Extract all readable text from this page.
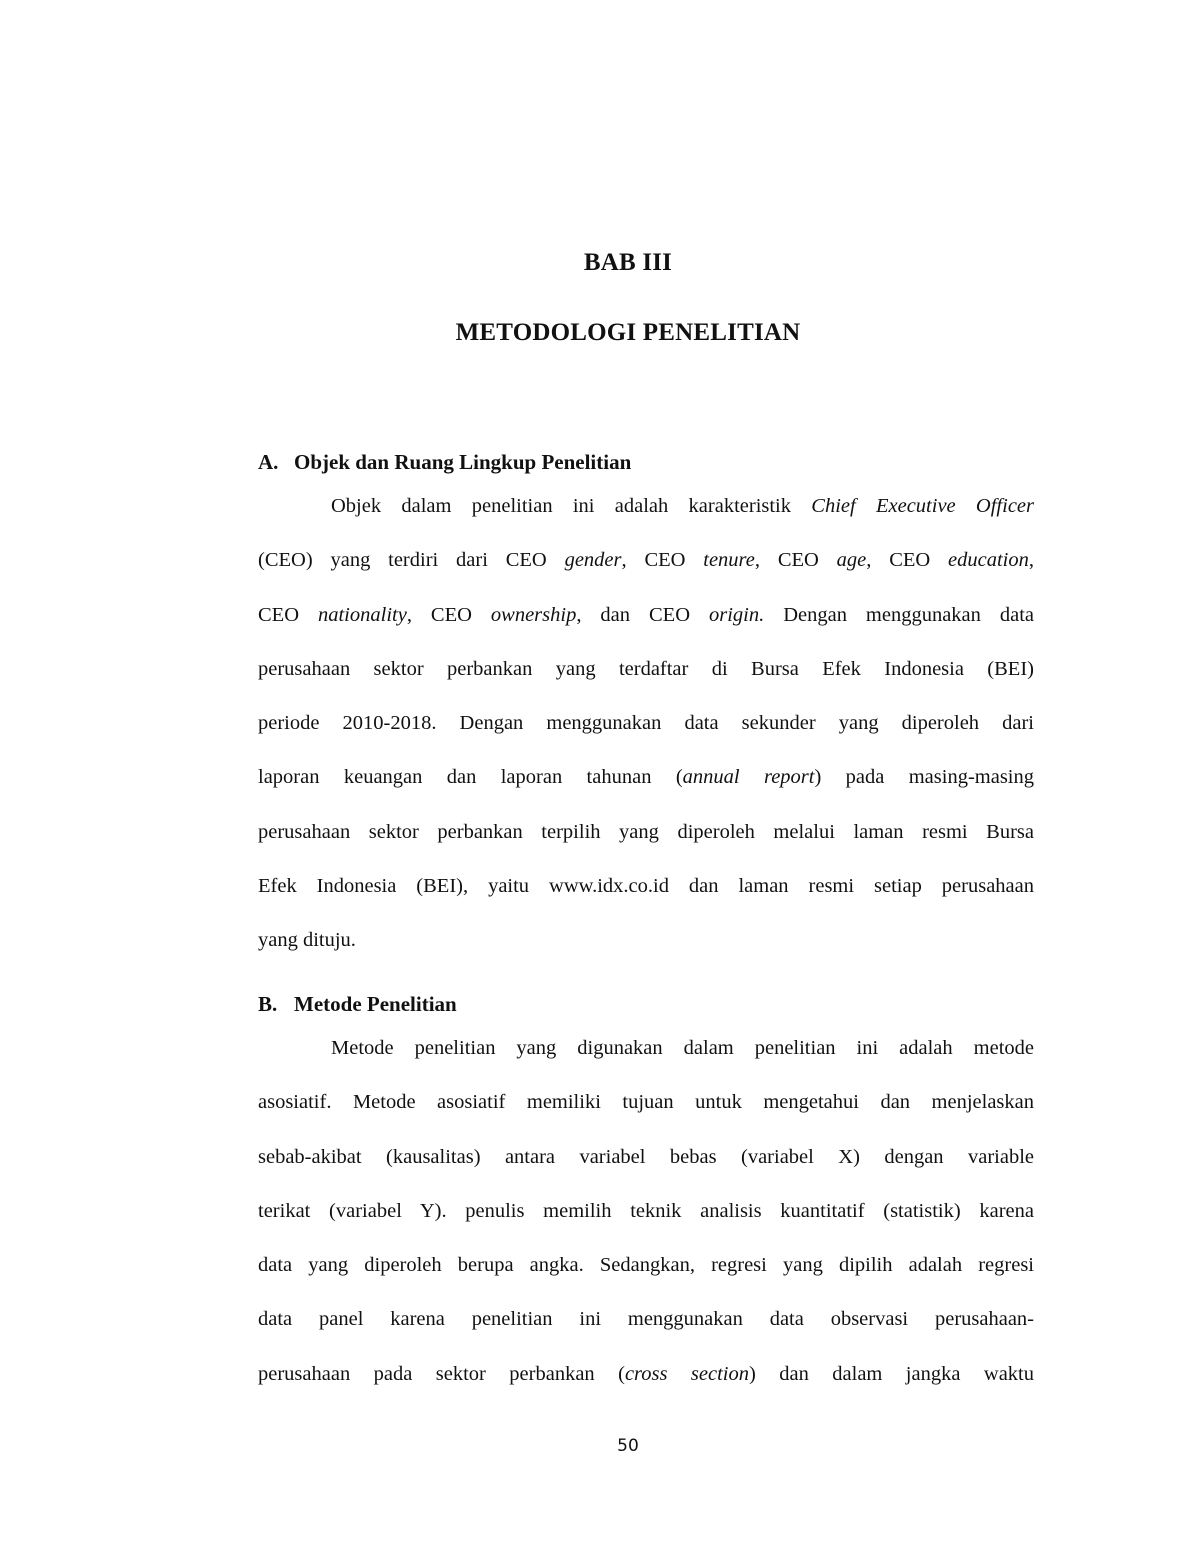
BAB III
METODOLOGI PENELITIAN
A. Objek dan Ruang Lingkup Penelitian
Objek dalam penelitian ini adalah karakteristik Chief Executive Officer
(CEO) yang terdiri dari CEO gender, CEO tenure, CEO age, CEO education,
CEO nationality, CEO ownership, dan CEO origin. Dengan menggunakan data
perusahaan sektor perbankan yang terdaftar di Bursa Efek Indonesia (BEI)
periode 2010-2018. Dengan menggunakan data sekunder yang diperoleh dari
laporan keuangan dan laporan tahunan (annual report) pada masing-masing
perusahaan sektor perbankan terpilih yang diperoleh melalui laman resmi Bursa
Efek Indonesia (BEI), yaitu www.idx.co.id dan laman resmi setiap perusahaan
yang dituju.
B. Metode Penelitian
Metode penelitian yang digunakan dalam penelitian ini adalah metode
asosiatif. Metode asosiatif memiliki tujuan untuk mengetahui dan menjelaskan
sebab-akibat (kausalitas) antara variabel bebas (variabel X) dengan variable
terikat (variabel Y). penulis memilih teknik analisis kuantitatif (statistik) karena
data yang diperoleh berupa angka. Sedangkan, regresi yang dipilih adalah regresi
data panel karena penelitian ini menggunakan data observasi perusahaan-
perusahaan pada sektor perbankan (cross section) dan dalam jangka waktu
50
